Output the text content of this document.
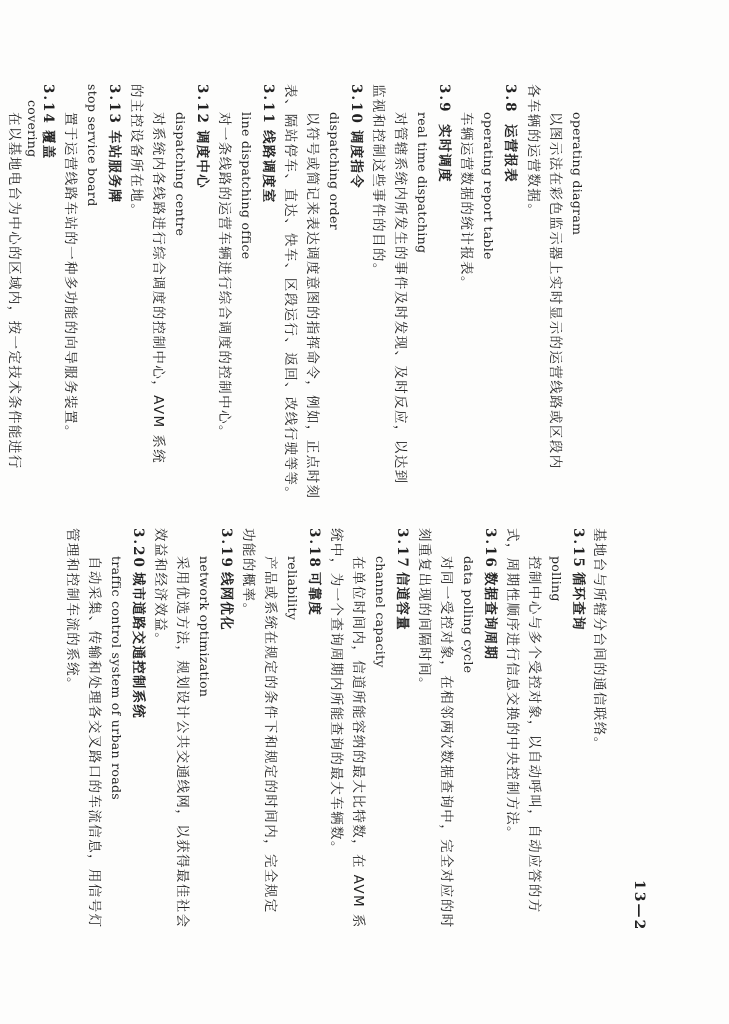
13—2
operating diagram
以图示法在彩色监示器上实时显示的运营线路或区段内
各车辆的运营数据。
3.8
运营报表
operating report table
车辆运营数据的统计报表。
3.9
实时调度
real time dispatching
对管辖系统内所发生的事件及时发现、及时反应，以达到
监视和控制这些事件的目的。
3.10
调度指令
dispatching order
以符号或简记来表达调度意图的指挥命令，例如，正点时刻
表、隔站停车、直达、快车、区段运行、返回、改线行驶等等。
3.11
线路调度室
line dispatching office
对一条线路的运营车辆进行综合调度的控制中心。
3.12
调度中心
dispatching centre
对系统内各线路进行综合调度的控制中心，AVM 系统
的主控设备所在地。
3.13
车站服务牌
stop service board
置于运营线路车站的一种多功能的向导服务装置。
3.14
覆盖
covering
在以基地电台为中心的区域内，按一定技术条件能进行
基地台与所辖分台间的通信联络。
3.15
循环查询
polling
控制中心与多个受控对象，以自动呼叫，自动应答的方
式，周期性顺序进行信息交换的中央控制方法。
3.16
数据查询周期
data polling cycle
对同一受控对象，在相邻两次数据查询中，完全对应的时
刻重复出现的间隔时间。
3.17
信道容量
channel capacity
在单位时间内，信道所能容纳的最大比特数，在 AVM 系
统中，为一个查询周期内所能查询的最大车辆数。
3.18
可靠度
reliability
产品或系统在规定的条件下和规定的时间内，完全规定
功能的概率。
3.19
线网优化
network optimization
采用优选方法，规划设计公共交通线网，以获得最佳社会
效益和经济效益。
3.20
城市道路交通控制系统
traffic control system of urban roads
自动采集、传输和处理各交叉路口的车流信息，用信号灯
管理和控制车流的系统。
